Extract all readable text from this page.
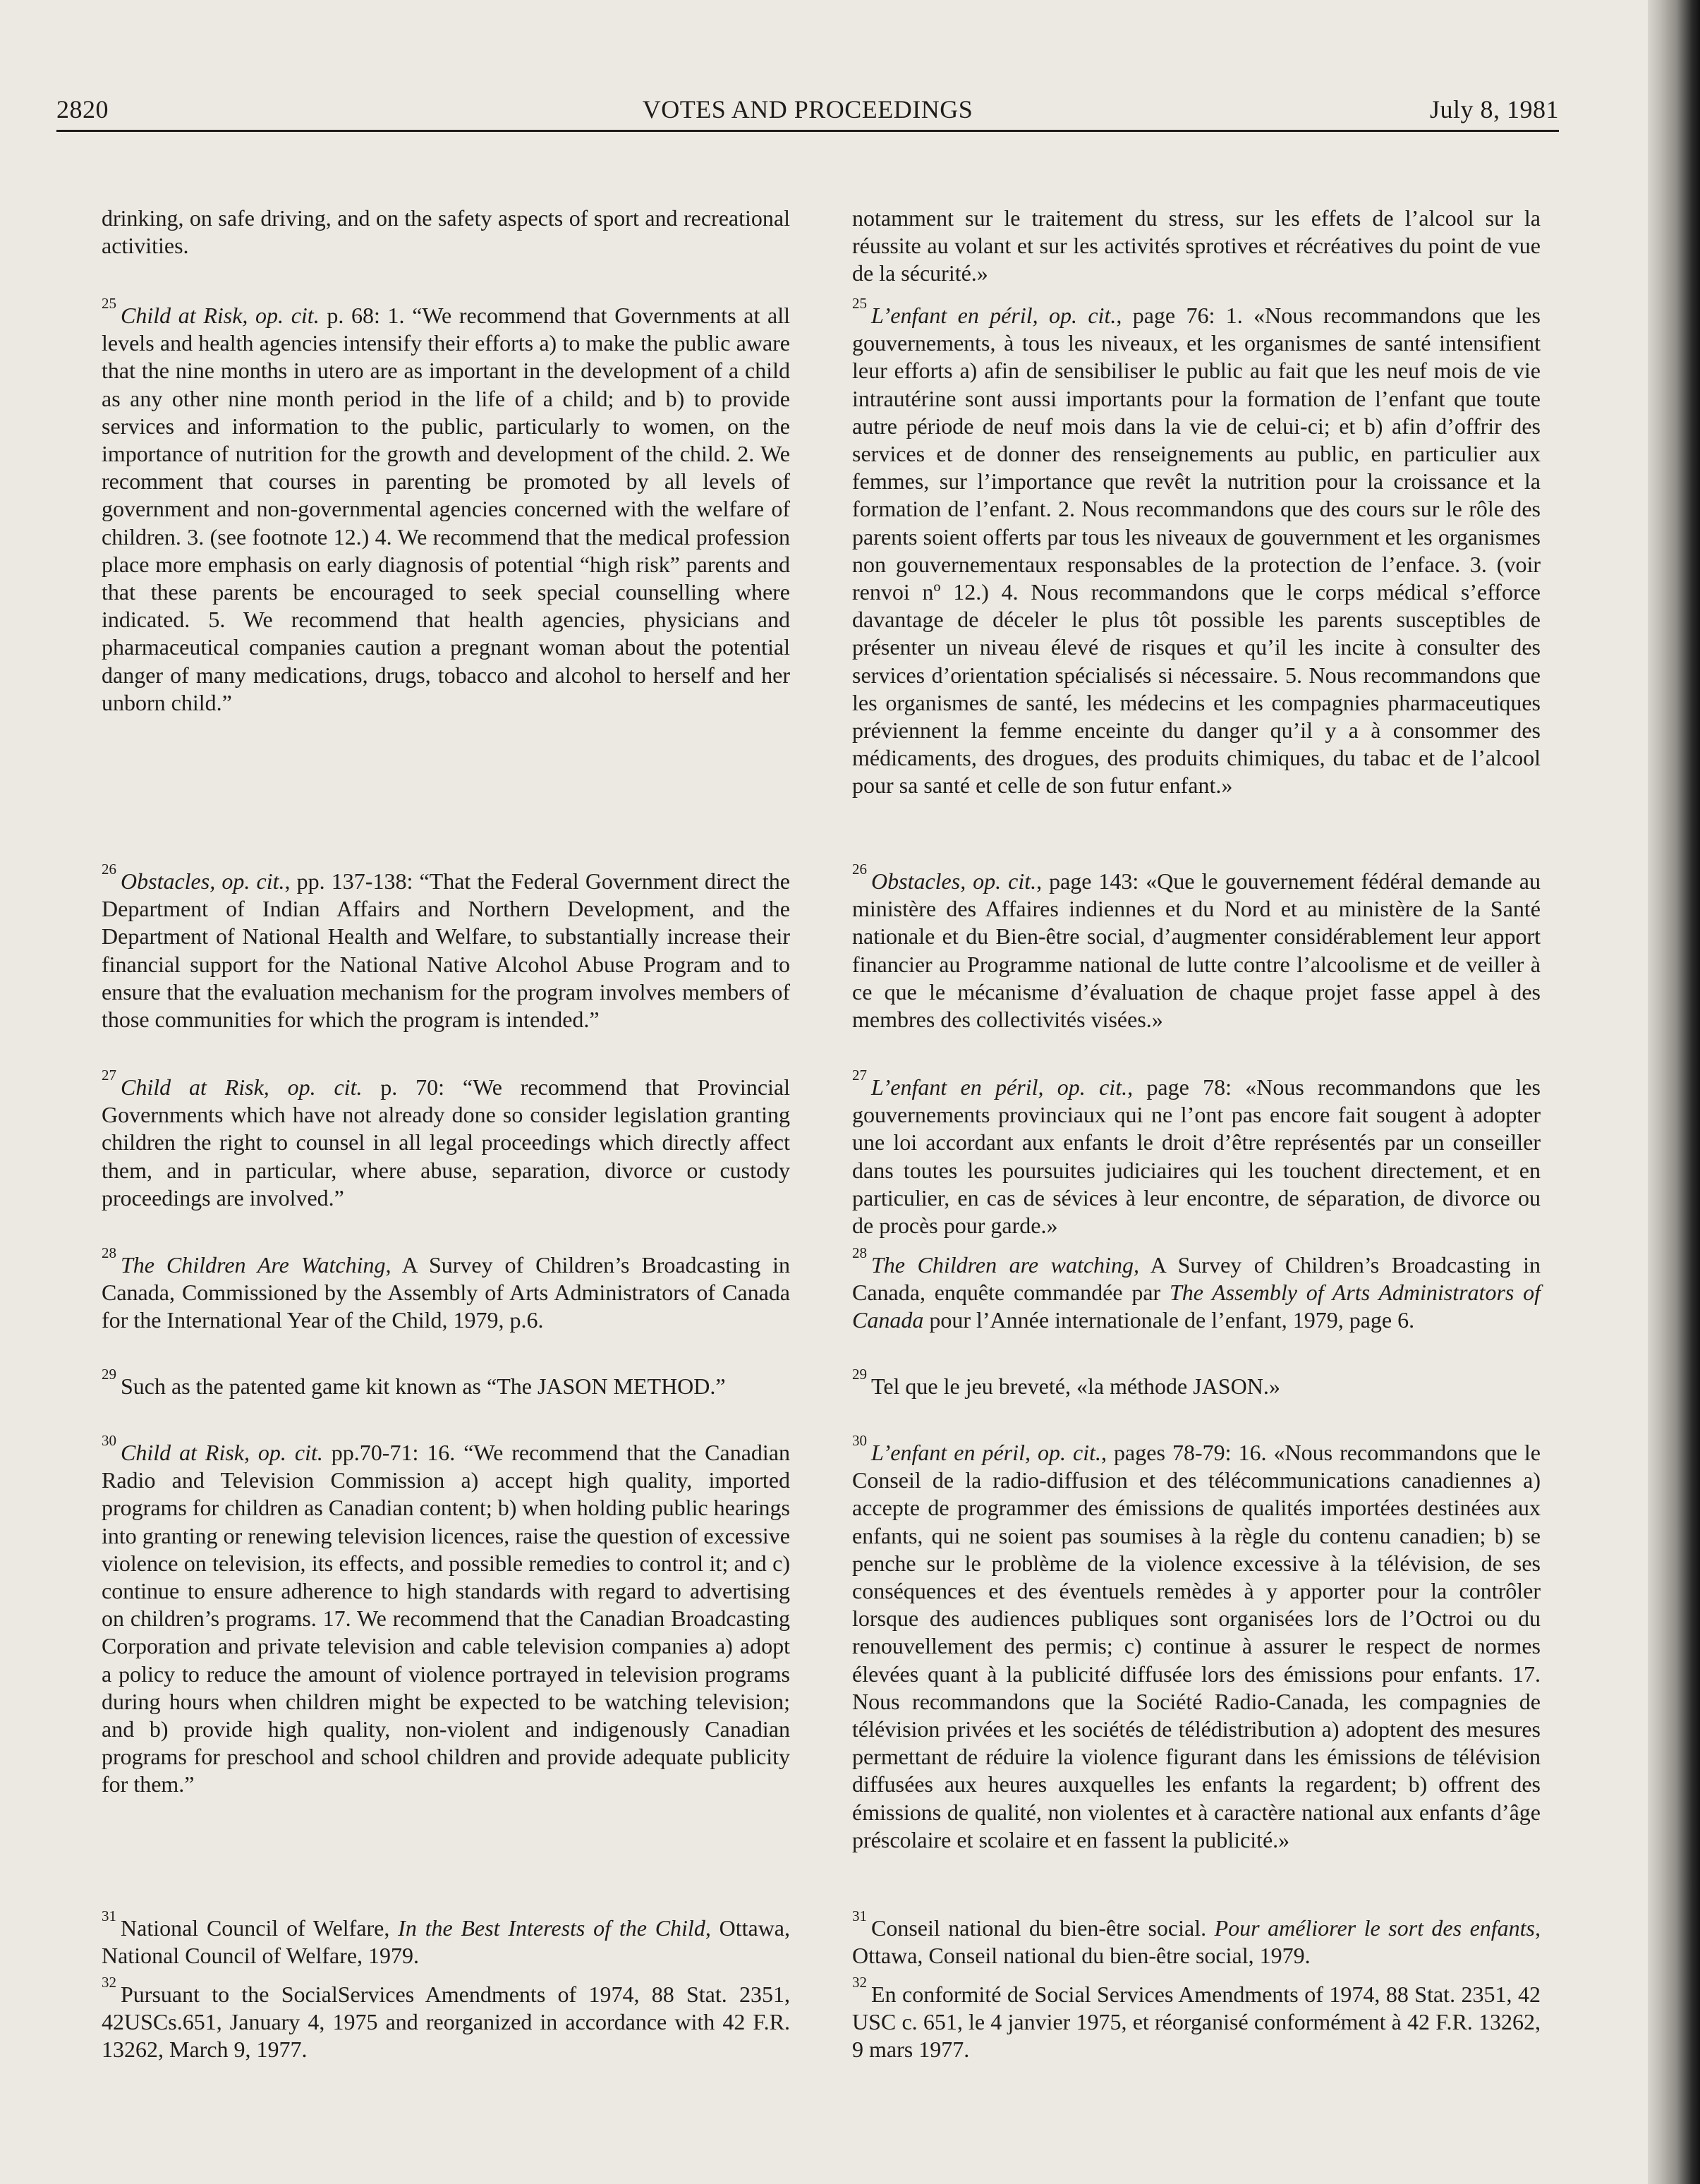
2820	VOTES AND PROCEEDINGS	July 8, 1981

drinking, on safe driving, and on the safety aspects of sport and recreational activities.

$^{25}$ Child at Risk, op. cit. p. 68: 1. “We recommend that Governments at all levels and health agencies intensify their efforts a) to make the public aware that the nine months in utero are as important in the development of a child as any other nine month period in the life of a child; and b) to provide services and information to the public, particularly to women, on the importance of nutrition for the growth and development of the child. 2. We recomment that courses in parenting be promoted by all levels of government and non-governmental agencies concerned with the welfare of children. 3. (see footnote 12.) 4. We recommend that the medical profession place more emphasis on early diagnosis of potential “high risk” parents and that these parents be encouraged to seek special counselling where indicated. 5. We recommend that health agencies, physicians and pharmaceutical companies caution a pregnant woman about the potential danger of many medications, drugs, tobacco and alcohol to herself and her unborn child.”

$^{26}$ Obstacles, op. cit., pp. 137-138: “That the Federal Government direct the Department of Indian Affairs and Northern Development, and the Department of National Health and Welfare, to substantially increase their financial support for the National Native Alcohol Abuse Program and to ensure that the evaluation mechanism for the program involves members of those communities for which the program is intended.”

$^{27}$ Child at Risk, op. cit. p. 70: “We recommend that Provincial Governments which have not already done so consider legislation granting children the right to counsel in all legal proceedings which directly affect them, and in particular, where abuse, separation, divorce or custody proceedings are involved.”

$^{28}$ The Children Are Watching, A Survey of Children’s Broadcasting in Canada, Commissioned by the Assembly of Arts Administrators of Canada for the International Year of the Child, 1979, p.6.

$^{29}$ Such as the patented game kit known as “The JASON METHOD.”

$^{30}$ Child at Risk, op. cit. pp.70-71: 16. “We recommend that the Canadian Radio and Television Commission a) accept high quality, imported programs for children as Canadian content; b) when holding public hearings into granting or renewing television licences, raise the question of excessive violence on television, its effects, and possible remedies to control it; and c) continue to ensure adherence to high standards with regard to advertising on children’s programs. 17. We recommend that the Canadian Broadcasting Corporation and private television and cable television companies a) adopt a policy to reduce the amount of violence portrayed in television programs during hours when children might be expected to be watching television; and b) provide high quality, non-violent and indigenously Canadian programs for preschool and school children and provide adequate publicity for them.”

$^{31}$ National Council of Welfare, In the Best Interests of the Child, Ottawa, National Council of Welfare, 1979.

$^{32}$ Pursuant to the SocialServices Amendments of 1974, 88 Stat. 2351, 42USCs.651, January 4, 1975 and reorganized in accordance with 42 F.R. 13262, March 9, 1977.

notamment sur le traitement du stress, sur les effets de l’alcool sur la réussite au volant et sur les activités sprotives et récréatives du point de vue de la sécurité.»

$^{25}$ L’enfant en péril, op. cit., page 76: 1. «Nous recommandons que les gouvernements, à tous les niveaux, et les organismes de santé intensifient leur efforts a) afin de sensibiliser le public au fait que les neuf mois de vie intrautérine sont aussi importants pour la formation de l’enfant que toute autre période de neuf mois dans la vie de celui-ci; et b) afin d’offrir des services et de donner des renseignements au public, en particulier aux femmes, sur l’importance que revêt la nutrition pour la croissance et la formation de l’enfant. 2. Nous recommandons que des cours sur le rôle des parents soient offerts par tous les niveaux de gouvernment et les organismes non gouvernementaux responsables de la protection de l’enface. 3. (voir renvoi nº 12.) 4. Nous recommandons que le corps médical s’efforce davantage de déceler le plus tôt possible les parents susceptibles de présenter un niveau élevé de risques et qu’il les incite à consulter des services d’orientation spécialisés si nécessaire. 5. Nous recommandons que les organismes de santé, les médecins et les compagnies pharmaceutiques préviennent la femme enceinte du danger qu’il y a à consommer des médicaments, des drogues, des produits chimiques, du tabac et de l’alcool pour sa santé et celle de son futur enfant.»

$^{26}$ Obstacles, op. cit., page 143: «Que le gouvernement fédéral demande au ministère des Affaires indiennes et du Nord et au ministère de la Santé nationale et du Bien-être social, d’augmenter considérablement leur apport financier au Programme national de lutte contre l’alcoolisme et de veiller à ce que le mécanisme d’évaluation de chaque projet fasse appel à des membres des collectivités visées.»

$^{27}$ L’enfant en péril, op. cit., page 78: «Nous recommandons que les gouvernements provinciaux qui ne l’ont pas encore fait sougent à adopter une loi accordant aux enfants le droit d’être représentés par un conseiller dans toutes les poursuites judiciaires qui les touchent directement, et en particulier, en cas de sévices à leur encontre, de séparation, de divorce ou de procès pour garde.»

$^{28}$ The Children are watching, A Survey of Children’s Broadcasting in Canada, enquête commandée par The Assembly of Arts Administrators of Canada pour l’Année internationale de l’enfant, 1979, page 6.

$^{29}$ Tel que le jeu breveté, «la méthode JASON.»

$^{30}$ L’enfant en péril, op. cit., pages 78-79: 16. «Nous recommandons que le Conseil de la radio-diffusion et des télécommunications canadiennes a) accepte de programmer des émissions de qualités importées destinées aux enfants, qui ne soient pas soumises à la règle du contenu canadien; b) se penche sur le problème de la violence excessive à la télévision, de ses conséquences et des éventuels remèdes à y apporter pour la contrôler lorsque des audiences publiques sont organisées lors de l’Octroi ou du renouvellement des permis; c) continue à assurer le respect de normes élevées quant à la publicité diffusée lors des émissions pour enfants. 17. Nous recommandons que la Société Radio-Canada, les compagnies de télévision privées et les sociétés de télédistribution a) adoptent des mesures permettant de réduire la violence figurant dans les émissions de télévision diffusées aux heures auxquelles les enfants la regardent; b) offrent des émissions de qualité, non violentes et à caractère national aux enfants d’âge préscolaire et scolaire et en fassent la publicité.»

$^{31}$ Conseil national du bien-être social. Pour améliorer le sort des enfants, Ottawa, Conseil national du bien-être social, 1979.

$^{32}$ En conformité de Social Services Amendments of 1974, 88 Stat. 2351, 42 USC c. 651, le 4 janvier 1975, et réorganisé conformément à 42 F.R. 13262, 9 mars 1977.
